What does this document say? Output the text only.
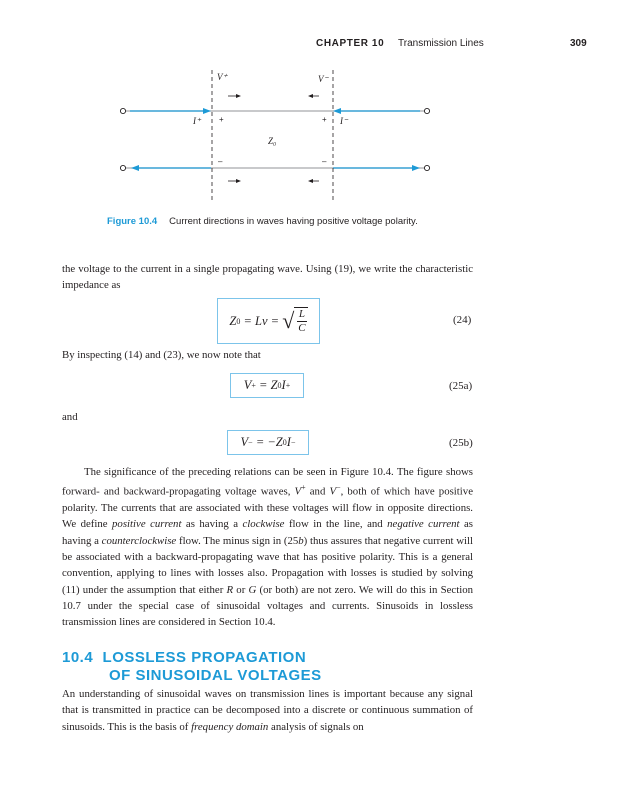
CHAPTER 10 Transmission Lines	309
V⁺	V⁻
I⁺	I⁻
+	+
–	–
Z₀
Figure 10.4 Current directions in waves having positive voltage polarity.
the voltage to the current in a single propagating wave. Using (19), we write the characteristic impedance as
Z 0 = Lv = √ $\frac{L}{C}$	(24)
By inspecting (14) and (23), we now note that
V + = Z 0 I +	(25a)
and
V − = −Z 0 I −	(25b)
The significance of the preceding relations can be seen in Figure 10.4. The figure shows forward- and backward-propagating voltage waves, V+ and V−, both of which have positive polarity. The currents that are associated with these voltages will flow in opposite directions. We define positive current as having a clockwise flow in the line, and negative current as having a counterclockwise flow. The minus sign in (25b) thus assures that negative current will be associated with a backward-propagating wave that has positive polarity. This is a general convention, applying to lines with losses also. Propagation with losses is studied by solving (11) under the assumption that either R or G (or both) are not zero. We will do this in Section 10.7 under the special case of sinusoidal voltages and currents. Sinusoids in lossless transmission lines are considered in Section 10.4.
10.4 LOSSLESS PROPAGATION
OF SINUSOIDAL VOLTAGES
An understanding of sinusoidal waves on transmission lines is important because any signal that is transmitted in practice can be decomposed into a discrete or continuous summation of sinusoids. This is the basis of frequency domain analysis of signals on
